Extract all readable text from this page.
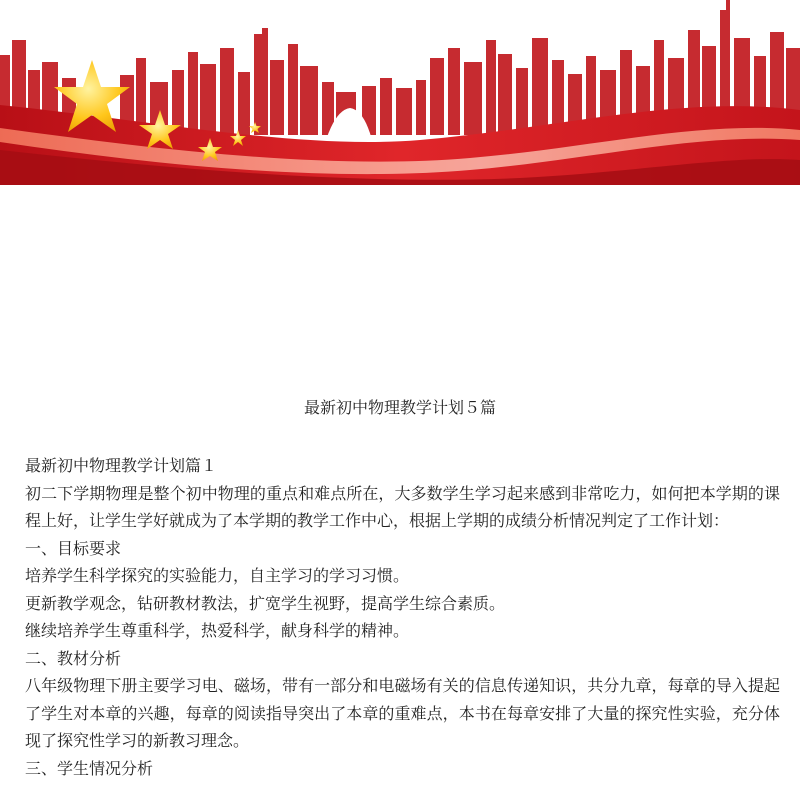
最新初中物理教学计划５篇

最新初中物理教学计划篇１

初二下学期物理是整个初中物理的重点和难点所在，大多数学生学习起来感到非常吃力，如何把本学期的课程上好，让学生学好就成为了本学期的教学工作中心，根据上学期的成绩分析情况判定了工作计划：

一、目标要求

培养学生科学探究的实验能力，自主学习的学习习惯。

更新教学观念，钻研教材教法，扩宽学生视野，提高学生综合素质。

继续培养学生尊重科学，热爱科学，献身科学的精神。

二、教材分析

八年级物理下册主要学习电、磁场，带有一部分和电磁场有关的信息传递知识，共分九章，每章的导入提起了学生对本章的兴趣，每章的阅读指导突出了本章的重难点，本书在每章安排了大量的探究性实验，充分体现了探究性学习的新教习理念。

三、学生情况分析
